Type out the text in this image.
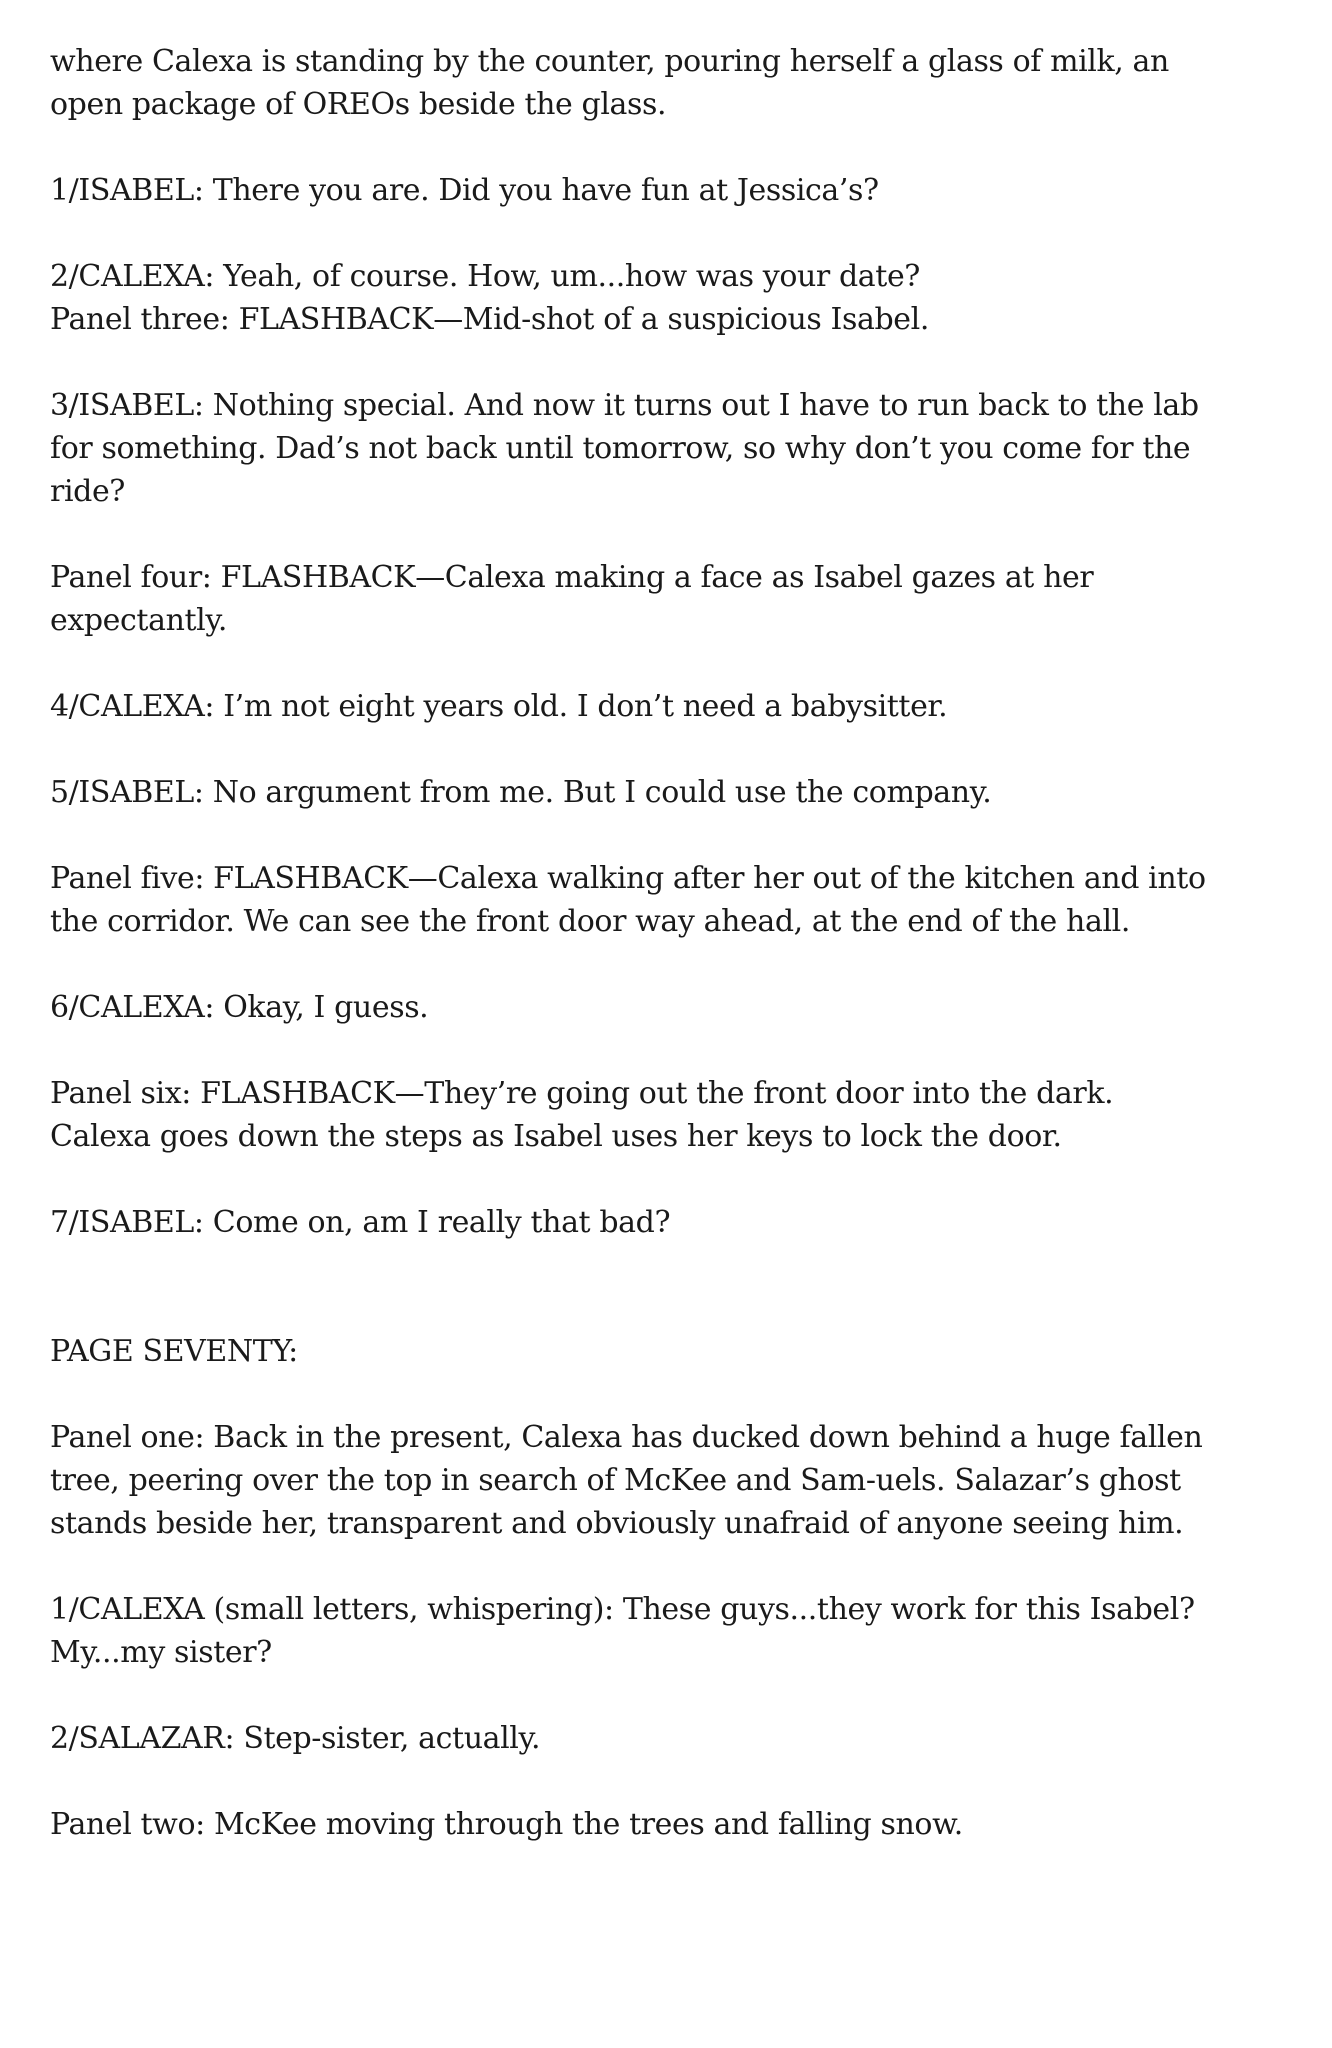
where Calexa is standing by the counter, pouring herself a glass of milk, an open package of OREOs beside the glass.

1/ISABEL: There you are. Did you have fun at Jessica’s?

2/CALEXA: Yeah, of course. How, um...how was your date?

Panel three: FLASHBACK—Mid-shot of a suspicious Isabel.

3/ISABEL: Nothing special. And now it turns out I have to run back to the lab for something. Dad’s not back until tomorrow, so why don’t you come for the ride?

Panel four: FLASHBACK—Calexa making a face as Isabel gazes at her expectantly.

4/CALEXA: I’m not eight years old. I don’t need a babysitter.

5/ISABEL: No argument from me. But I could use the company.

Panel five: FLASHBACK—Calexa walking after her out of the kitchen and into the corridor. We can see the front door way ahead, at the end of the hall.

6/CALEXA: Okay, I guess.

Panel six: FLASHBACK—They’re going out the front door into the dark. Calexa goes down the steps as Isabel uses her keys to lock the door.

7/ISABEL: Come on, am I really that bad?

PAGE SEVENTY:

Panel one: Back in the present, Calexa has ducked down behind a huge fallen tree, peering over the top in search of McKee and Sam-uels. Salazar’s ghost stands beside her, transparent and obviously unafraid of anyone seeing him.

1/CALEXA (small letters, whispering): These guys...they work for this Isabel? My...my sister?

2/SALAZAR: Step-sister, actually.

Panel two: McKee moving through the trees and falling snow.
